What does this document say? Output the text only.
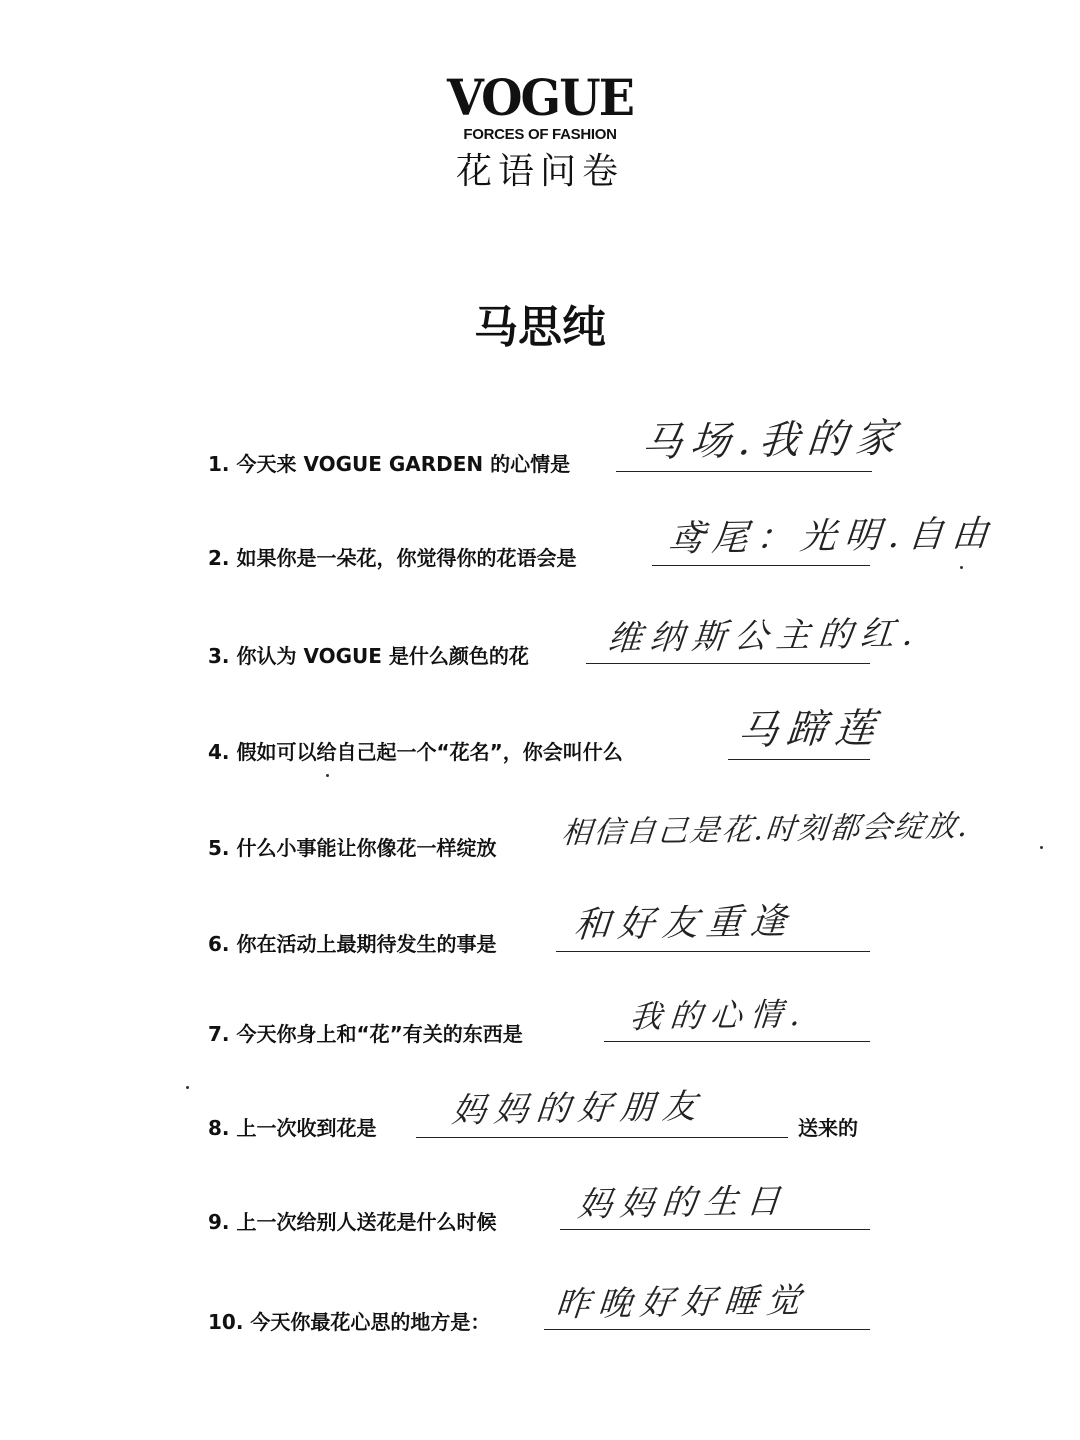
VOGUE
FORCES OF FASHION
花语问卷
马思纯
1. 今天来 VOGUE GARDEN 的心情是 马场.我的家
2. 如果你是一朵花，你觉得你的花语会是 鸢尾：光明.自由
3. 你认为 VOGUE 是什么颜色的花 维纳斯公主的红.
4. 假如可以给自己起一个“花名”，你会叫什么	马蹄莲
5. 什么小事能让你像花一样绽放 相信自己是花.时刻都会绽放.
6. 你在活动上最期待发生的事是 和好友重逢
7. 今天你身上和“花”有关的东西是	我的心情.
8. 上一次收到花是 妈妈的好朋友	送来的
9. 上一次给别人送花是什么时候 妈妈的生日
10. 今天你最花心思的地方是： 昨晚好好睡觉
